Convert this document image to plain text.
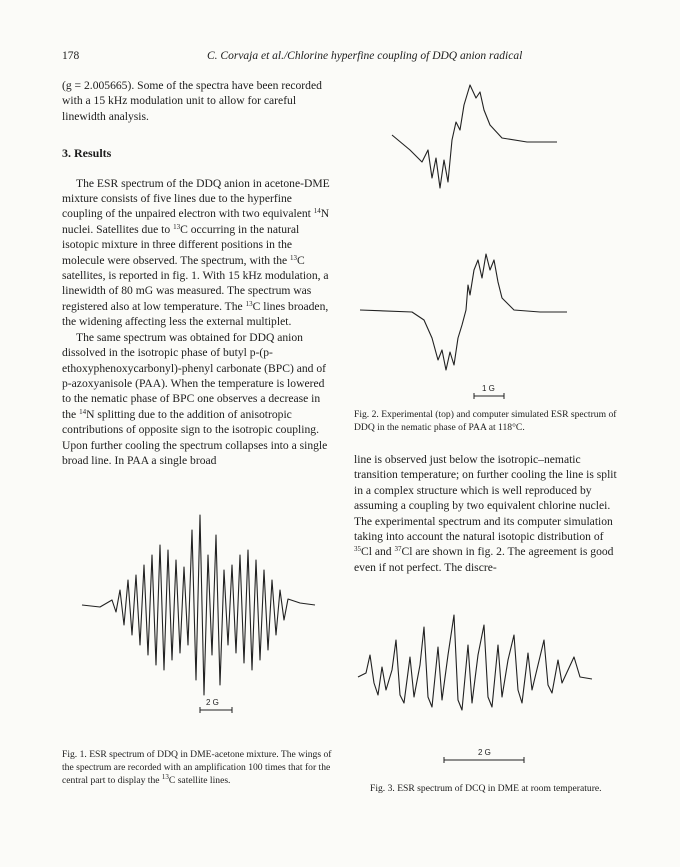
178	C. Corvaja et al./Chlorine hyperfine coupling of DDQ anion radical

(g = 2.005665). Some of the spectra have been recorded with a 15 kHz modulation unit to allow for careful linewidth analysis.

3. Results

The ESR spectrum of the DDQ anion in acetone-DME mixture consists of five lines due to the hyperfine coupling of the unpaired electron with two equivalent $^{14}$N nuclei. Satellites due to $^{13}$C occurring in the natural isotopic mixture in three different positions in the molecule were observed. The spectrum, with the $^{13}$C satellites, is reported in fig. 1. With 15 kHz modulation, a linewidth of 80 mG was measured. The spectrum was registered also at low temperature. The $^{13}$C lines broaden, the widening affecting less the external multiplet.

The same spectrum was obtained for DDQ anion dissolved in the isotropic phase of butyl p-(p-ethoxyphenoxycarbonyl)-phenyl carbonate (BPC) and of p-azoxyanisole (PAA). When the temperature is lowered to the nematic phase of BPC one observes a decrease in the $^{14}$N splitting due to the addition of anisotropic contributions of opposite sign to the isotropic coupling. Upon further cooling the spectrum collapses into a single broad line. In PAA a single broad

2 G
Fig. 1. ESR spectrum of DDQ in DME-acetone mixture. The wings of the spectrum are recorded with an amplification 100 times that for the central part to display the $^{13}$C satellite lines.
1 G
Fig. 2. Experimental (top) and computer simulated ESR spectrum of DDQ in the nematic phase of PAA at 118°C.

line is observed just below the isotropic–nematic transition temperature; on further cooling the line is split in a complex structure which is well reproduced by assuming a coupling by two equivalent chlorine nuclei. The experimental spectrum and its computer simulation taking into account the natural isotopic distribution of $^{35}$Cl and $^{37}$Cl are shown in fig. 2. The agreement is good even if not perfect. The discre-

2 G
Fig. 3. ESR spectrum of DCQ in DME at room temperature.
